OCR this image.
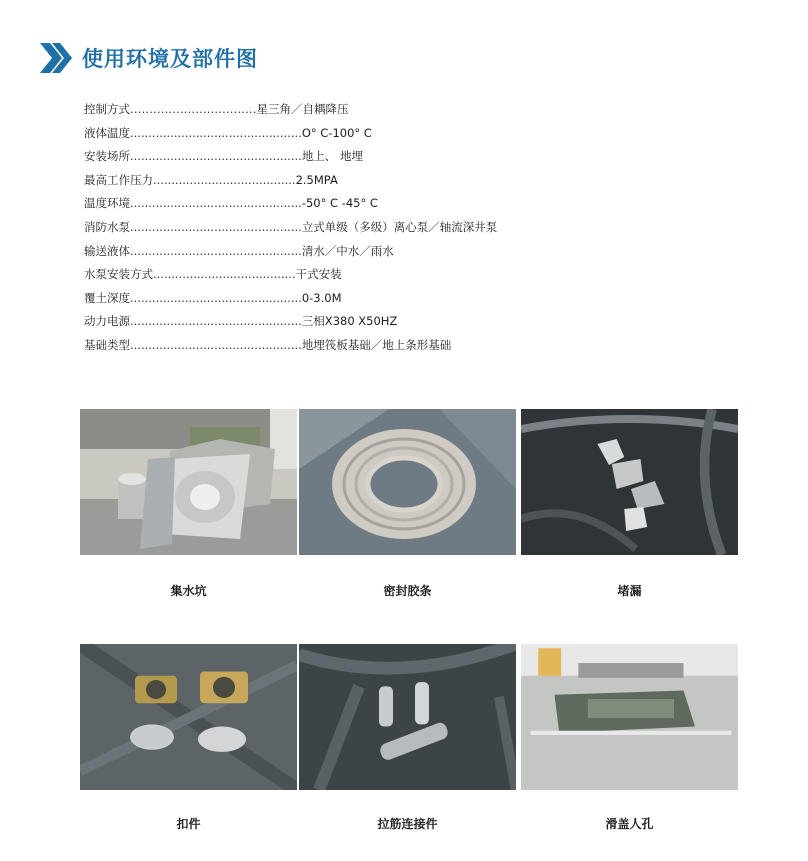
使用环境及部件图
控制方式 …………………………… 星三角／自耦降压
液体温度 ............................................... O° C-100° C
安装场所 ............................................... 地上、 地埋
最高工作压力 ....................................... 2.5MPA
温度环境 ............................................... -50° C -45° C
消防水泵 ............................................... 立式单级（多级）离心泵／轴流深井泵
输送液体 ............................................... 清水／中水／雨水
水泵安装方式 ....................................... 干式安装
覆土深度 ............................................... 0-3.0M
动力电源 ............................................... 三相X380 X50HZ
基础类型 ............................................... 地埋筏板基础／地上条形基础
集水坑	密封胶条	堵漏
扣件	拉筋连接件	滑盖人孔
